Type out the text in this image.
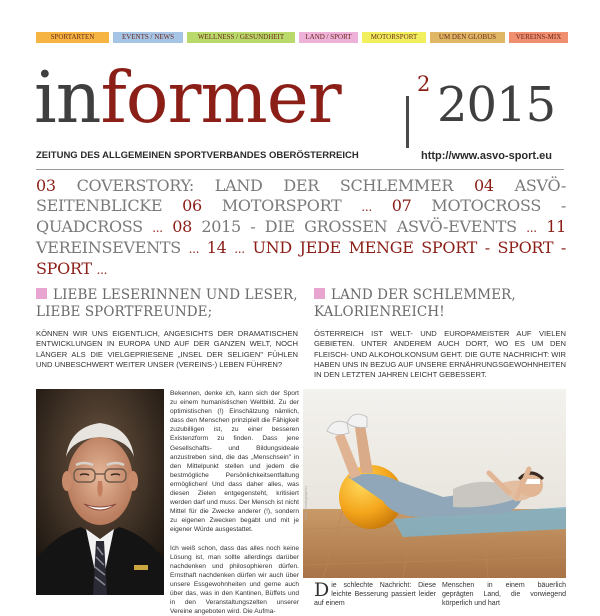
SPORTARTEN	EVENTS / NEWS	WELLNESS / GESUNDHEIT	LAND / SPORT	MOTORSPORT	UM DEN GLOBUS	VEREINS-MIX
informer	2 2015
ZEITUNG DES ALLGEMEINEN SPORTVERBANDES OBERÖSTERREICH	http://www.asvo-sport.eu
03 COVERSTORY: LAND DER SCHLEMMER 04 ASVÖ-SEITENBLICKE 06 MOTORSPORT ... 07 MOTOCROSS - QUADCROSS ... 08 2015 - DIE GROSSEN ASVÖ-EVENTS ... 11 VEREINSEVENTS ... 14 ... UND JEDE MENGE SPORT - SPORT - SPORT ...
LIEBE LESERINNEN UND LESER, LIEBE SPORTFREUNDE;
KÖNNEN WIR UNS EIGENTLICH, ANGESICHTS DER DRAMATISCHEN ENTWICKLUNGEN IN EUROPA UND AUF DER GANZEN WELT, NOCH LÄNGER ALS DIE VIELGEPRIESENE „INSEL DER SELIGEN" FÜHLEN UND UNBESCHWERT WEITER UNSER (VEREINS-) LEBEN FÜHREN?

Bekennen, denke ich, kann sich der Sport zu einem humanistischen Weltbild. Zu der optimistischen (!) Einschätzung nämlich, dass den Menschen prinzipiell die Fähigkeit zuzubilligen ist, zu einer besseren Existenzform zu finden. Dass jene Gesellschafts- und Bildungsideale anzustreben sind, die das „Menschsein" in den Mittelpunkt stellen und jedem die bestmögliche Persönlichkeitsentfaltung ermöglichen! Und dass daher alles, was diesen Zielen entgegensteht, kritisiert werden darf und muss. Der Mensch ist nicht Mittel für die Zwecke anderer (!), sondern zu eigenen Zwecken begabt und mit je eigener Würde ausgestattet.

Ich weiß schon, dass das alles noch keine Lösung ist, man sollte allerdings darüber nachdenken und philosophieren dürfen. Ernsthaft nachdenken dürfen wir auch über unsere Essgewohnheiten und gerne auch über das, was in den Kantinen, Büffets und in den Veranstaltungszelten unserer Vereine angeboten wird. Die Aufma-

LAND DER SCHLEMMER, KALORIENREICH!
ÖSTERREICH IST WELT- UND EUROPAMEISTER AUF VIELEN GEBIETEN. UNTER ANDEREM AUCH DORT, WO ES UM DEN FLEISCH- UND ALKOHOLKONSUM GEHT. DIE GUTE NACHRICHT: WIR HABEN UNS IN BEZUG AUF UNSERE ERNÄHRUNGSGEWOHNHEITEN IN DEN LETZTEN JAHREN LEICHT GEBESSERT.
Foto: photographer
Die schlechte Nachricht: Diese leichte Besserung passiert leider auf einem
Menschen in einem bäuerlich geprägten Land, die vorwiegend körperlich und hart
